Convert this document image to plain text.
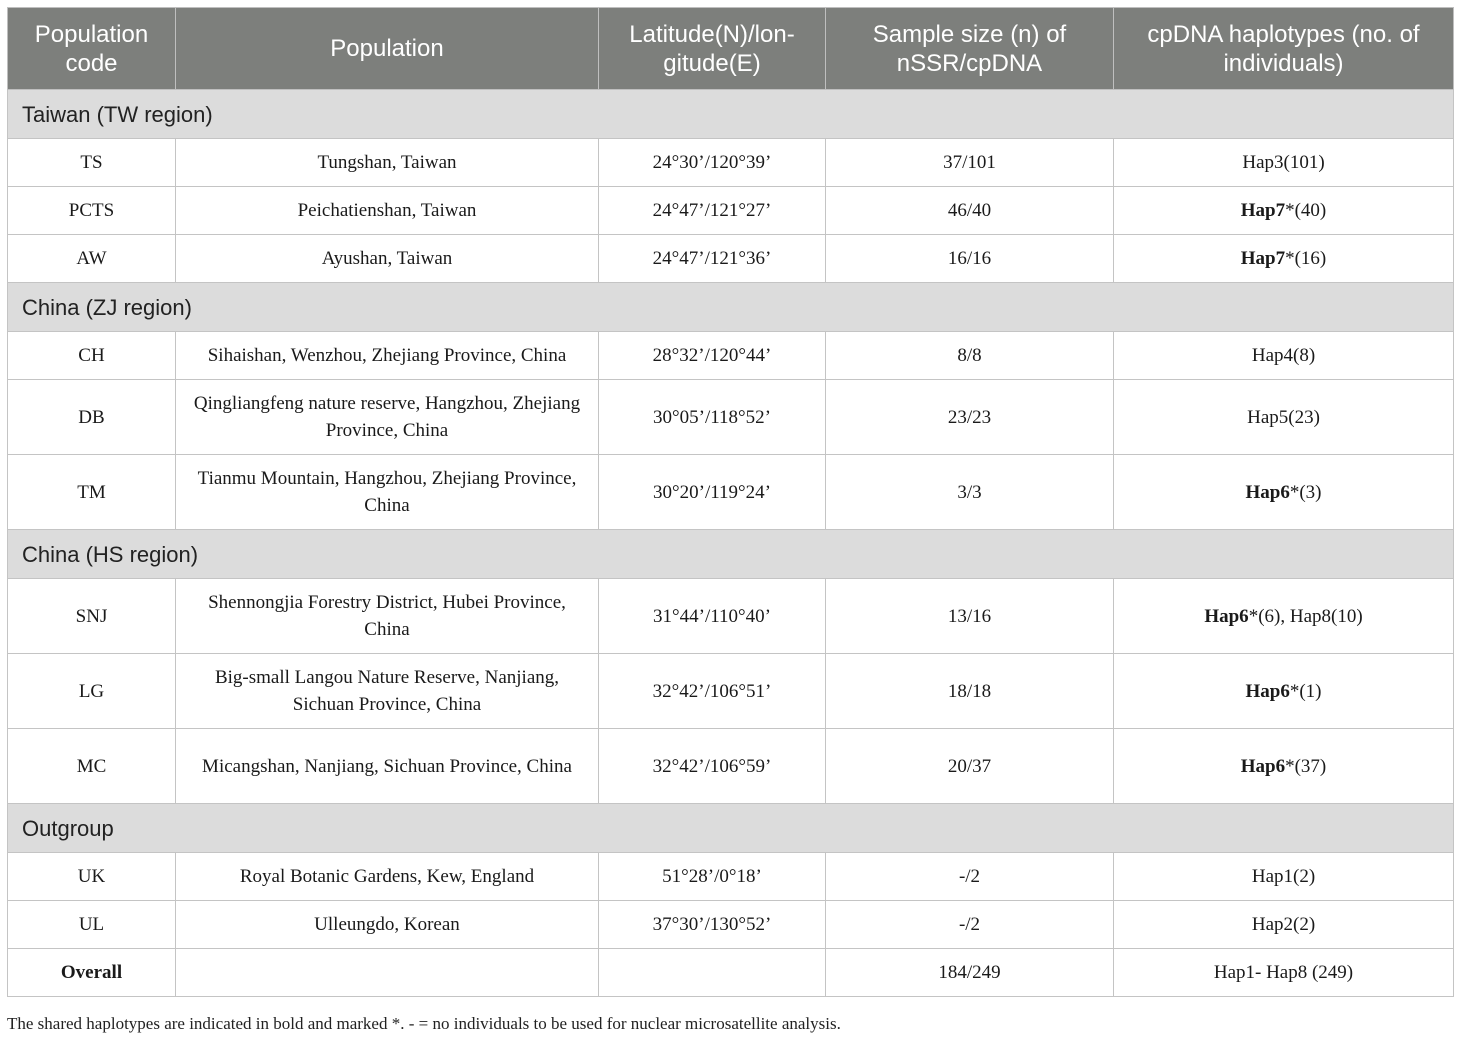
Population code	Population	Latitude(N)/lon-gitude(E)	Sample size (n) of nSSR/cpDNA	cpDNA haplotypes (no. of individuals)
Taiwan (TW region)				
TS	Tungshan, Taiwan	24°30’/120°39’	37/101	Hap3(101)
PCTS	Peichatienshan, Taiwan	24°47’/121°27’	46/40	Hap7*(40)
AW	Ayushan, Taiwan	24°47’/121°36’	16/16	Hap7*(16)
China (ZJ region)				
CH	Sihaishan, Wenzhou, Zhejiang Province, China	28°32’/120°44’	8/8	Hap4(8)
DB	Qingliangfeng nature reserve, Hangzhou, Zhejiang Province, China	30°05’/118°52’	23/23	Hap5(23)
TM	Tianmu Mountain, Hangzhou, Zhejiang Province, China	30°20’/119°24’	3/3	Hap6*(3)
China (HS region)				
SNJ	Shennongjia Forestry District, Hubei Province, China	31°44’/110°40’	13/16	Hap6*(6), Hap8(10)
LG	Big-small Langou Nature Reserve, Nanjiang, Sichuan Province, China	32°42’/106°51’	18/18	Hap6*(1)
MC	Micangshan, Nanjiang, Sichuan Province, China	32°42’/106°59’	20/37	Hap6*(37)
Outgroup				
UK	Royal Botanic Gardens, Kew, England	51°28’/0°18’	-/2	Hap1(2)
UL	Ulleungdo, Korean	37°30’/130°52’	-/2	Hap2(2)
Overall			184/249	Hap1- Hap8 (249)
The shared haplotypes are indicated in bold and marked *. - = no individuals to be used for nuclear microsatellite analysis.
